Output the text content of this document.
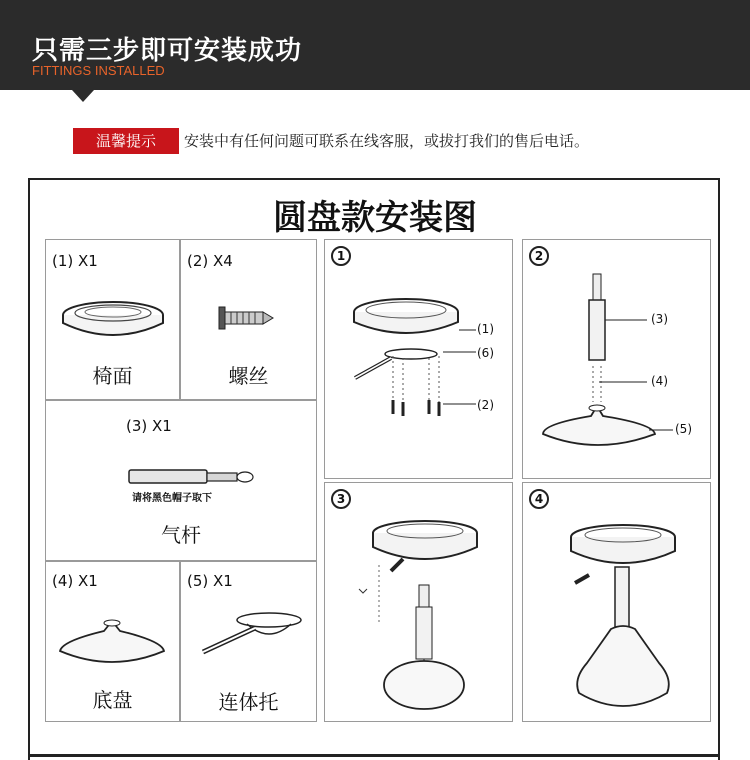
只需三步即可安装成功
FITTINGS INSTALLED
温馨提示	安装中有任何问题可联系在线客服，或拔打我们的售后电话。
圆盘款安装图
(1) X1
椅面
(2) X4
螺丝
(3) X1
请将黑色帽子取下
气杆
(4) X1
底盘
(5) X1
连体托
1
(1)
(6)
(2)
2
(3)
(4)
(5)
3	4
